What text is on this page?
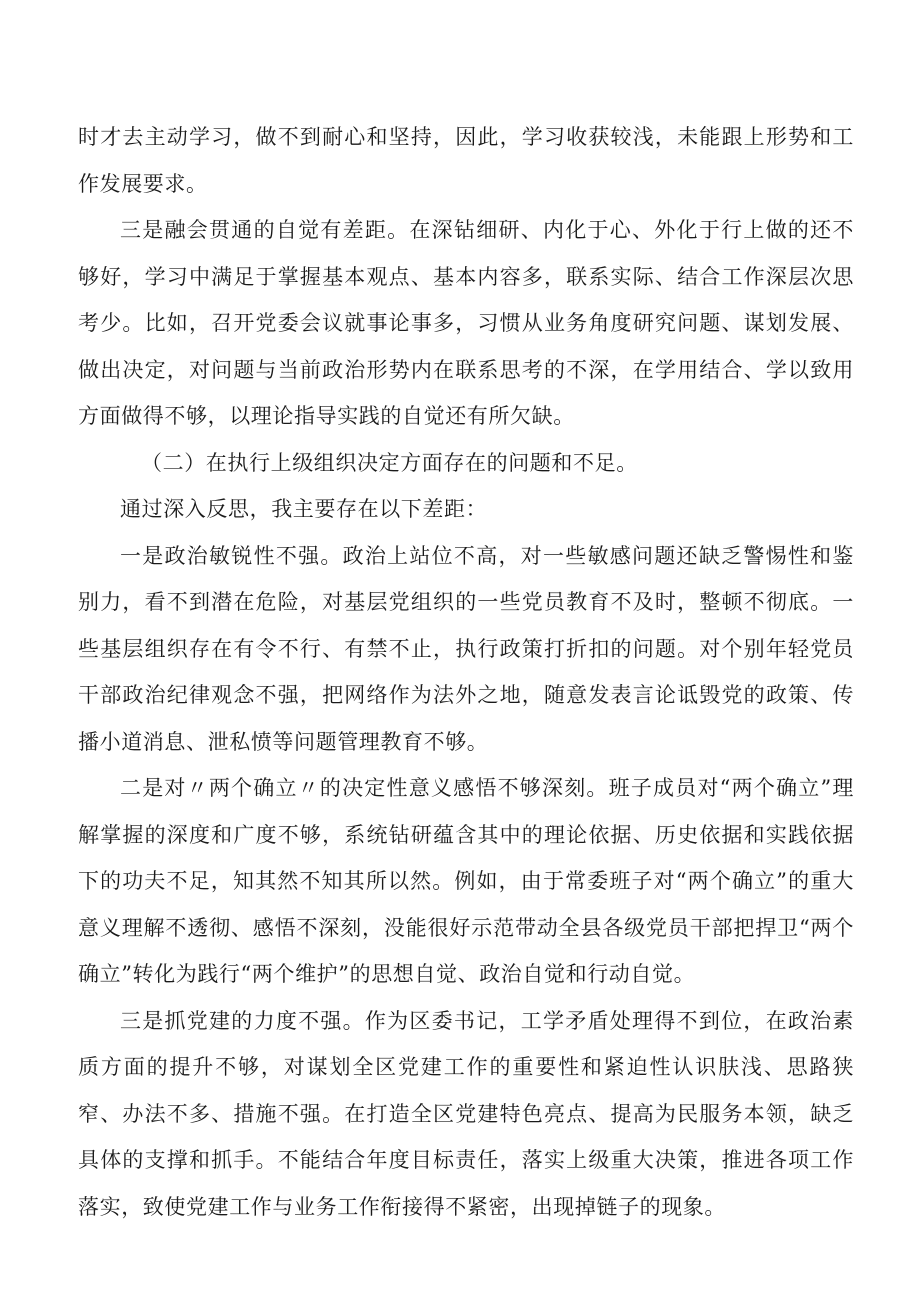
时才去主动学习，做不到耐心和坚持，因此，学习收获较浅，未能跟上形势和工作发展要求。

三是融会贯通的自觉有差距。在深钻细研、内化于心、外化于行上做的还不够好，学习中满足于掌握基本观点、基本内容多，联系实际、结合工作深层次思考少。比如，召开党委会议就事论事多，习惯从业务角度研究问题、谋划发展、做出决定，对问题与当前政治形势内在联系思考的不深，在学用结合、学以致用方面做得不够，以理论指导实践的自觉还有所欠缺。

（二）在执行上级组织决定方面存在的问题和不足。

通过深入反思，我主要存在以下差距：

一是政治敏锐性不强。政治上站位不高，对一些敏感问题还缺乏警惕性和鉴别力，看不到潜在危险，对基层党组织的一些党员教育不及时，整顿不彻底。一些基层组织存在有令不行、有禁不止，执行政策打折扣的问题。对个别年轻党员干部政治纪律观念不强，把网络作为法外之地，随意发表言论诋毁党的政策、传播小道消息、泄私愤等问题管理教育不够。

二是对〃两个确立〃的决定性意义感悟不够深刻。班子成员对“两个确立”理解掌握的深度和广度不够，系统钻研蕴含其中的理论依据、历史依据和实践依据下的功夫不足，知其然不知其所以然。例如，由于常委班子对“两个确立”的重大意义理解不透彻、感悟不深刻，没能很好示范带动全县各级党员干部把捍卫“两个确立”转化为践行“两个维护”的思想自觉、政治自觉和行动自觉。

三是抓党建的力度不强。作为区委书记，工学矛盾处理得不到位，在政治素质方面的提升不够，对谋划全区党建工作的重要性和紧迫性认识肤浅、思路狭窄、办法不多、措施不强。在打造全区党建特色亮点、提高为民服务本领，缺乏具体的支撑和抓手。不能结合年度目标责任，落实上级重大决策，推进各项工作落实，致使党建工作与业务工作衔接得不紧密，出现掉链子的现象。
